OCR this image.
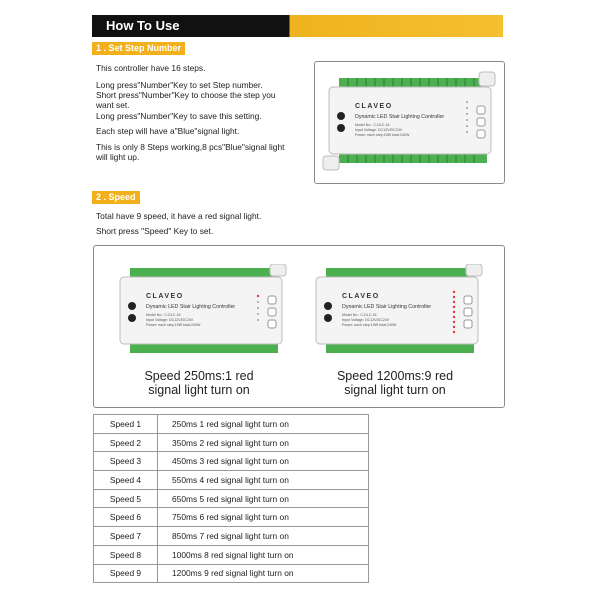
How To Use
1 . Set Step Number
This controller have 16 steps.
Long press"Number"Key to set Step number.
Short press"Number"Key to choose the step you
want set.
Long press"Number"Key to save this setting.
Each step will have a"Blue"signal light.
This is only 8 Steps working,8 pcs"Blue"signal light
will light up.
CLAVEO
Dynamic LED Stair Lighting Controller
Model No.: C-DLC-16
Input Voltage: DC12V/DC24V
Power: each step:15W total:240W
2 . Speed
Total have 9 speed, it have a red signal light.
Short press "Speed" Key to set.
CLAVEO
Dynamic LED Stair Lighting Controller
Model No.: C-DLC-16
Input Voltage: DC12V/DC24V
Power: each step:15W total:240W
CLAVEO
Dynamic LED Stair Lighting Controller
Model No.: C-DLC-16
Input Voltage: DC12V/DC24V
Power: each step:15W total:240W
Speed 250ms:1 red
signal light turn on
Speed 1200ms:9 red
signal light turn on
Speed 1	250ms 1 red signal light turn on
Speed 2	350ms 2 red signal light turn on
Speed 3	450ms 3 red signal light turn on
Speed 4	550ms 4 red signal light turn on
Speed 5	650ms 5 red signal light turn on
Speed 6	750ms 6 red signal light turn on
Speed 7	850ms 7 red signal light turn on
Speed 8	1000ms 8 red signal light turn on
Speed 9	1200ms 9 red signal light turn on
